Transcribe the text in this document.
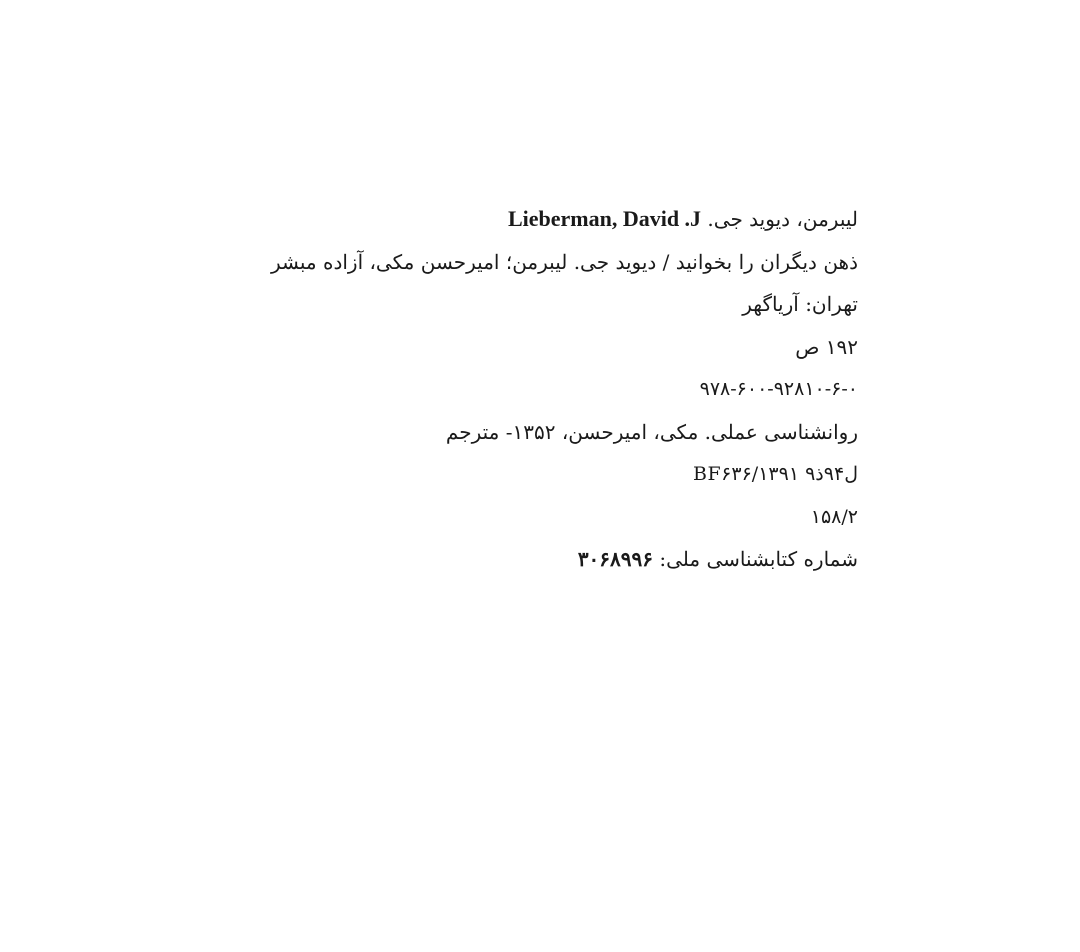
لیبرمن، دیوید جی. Lieberman, David .J
ذهن دیگران را بخوانید / دیوید جی. لیبرمن؛ امیرحسن مکی، آزاده مبشر
تهران: آریاگهر
۱۹۲ ص
۹۷۸-۶۰۰-۹۲۸۱۰-۶-۰
روانشناسی عملی. مکی، امیرحسن، ۱۳۵۲- مترجم
BF۶۳۶/ل۹۴ذ۹ ۱۳۹۱
۱۵۸/۲
شماره کتابشناسی ملی: ۳۰۶۸۹۹۶
